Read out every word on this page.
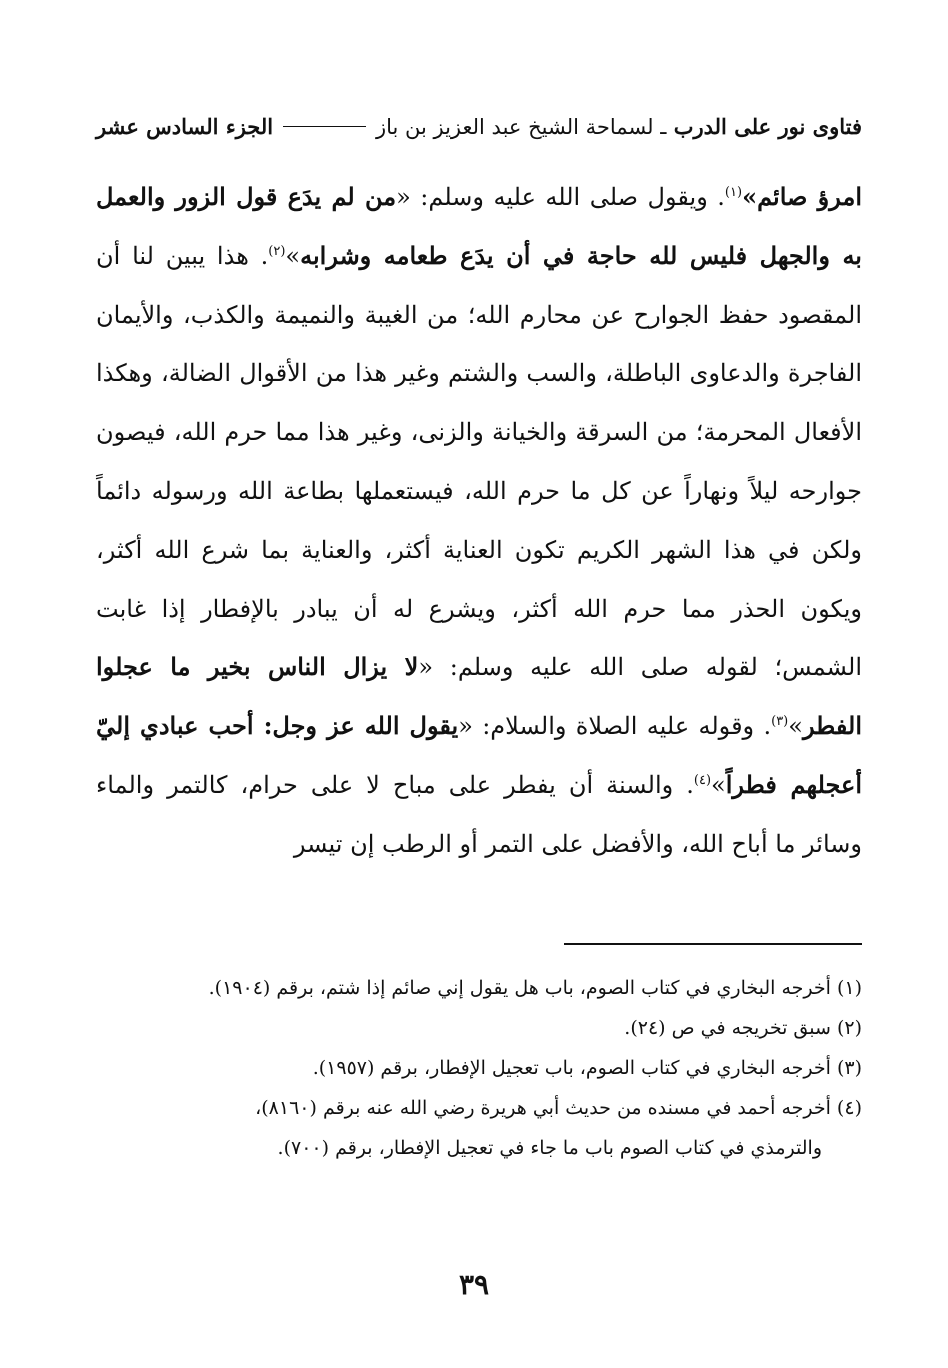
فتاوى نور على الدرب ـ لسماحة الشيخ عبد العزيز بن باز
الجزء السادس عشر
امرؤ صائم»$^{(١)}$. ويقول صلى الله عليه وسلم: «من لم يدَع قول الزور والعمل به والجهل فليس لله حاجة في أن يدَع طعامه وشرابه»$^{(٢)}$. هذا يبين لنا أن المقصود حفظ الجوارح عن محارم الله؛ من الغيبة والنميمة والكذب، والأيمان الفاجرة والدعاوى الباطلة، والسب والشتم وغير هذا من الأقوال الضالة، وهكذا الأفعال المحرمة؛ من السرقة والخيانة والزنى، وغير هذا مما حرم الله، فيصون جوارحه ليلاً ونهاراً عن كل ما حرم الله، فيستعملها بطاعة الله ورسوله دائماً ولكن في هذا الشهر الكريم تكون العناية أكثر، والعناية بما شرع الله أكثر، ويكون الحذر مما حرم الله أكثر، ويشرع له أن يبادر بالإفطار إذا غابت الشمس؛ لقوله صلى الله عليه وسلم: «لا يزال الناس بخير ما عجلوا الفطر»$^{(٣)}$. وقوله عليه الصلاة والسلام: «يقول الله عز وجل: أحب عبادي إليّ أعجلهم فطراً»$^{(٤)}$. والسنة أن يفطر على مباح لا على حرام، كالتمر والماء وسائر ما أباح الله، والأفضل على التمر أو الرطب إن تيسر

(١) أخرجه البخاري في كتاب الصوم، باب هل يقول إني صائم إذا شتم، برقم (١٩٠٤).

(٢) سبق تخريجه في ص (٢٤).

(٣) أخرجه البخاري في كتاب الصوم، باب تعجيل الإفطار، برقم (١٩٥٧).

(٤) أخرجه أحمد في مسنده من حديث أبي هريرة رضي الله عنه برقم (٨١٦٠)،

والترمذي في كتاب الصوم باب ما جاء في تعجيل الإفطار، برقم (٧٠٠).

٣٩
